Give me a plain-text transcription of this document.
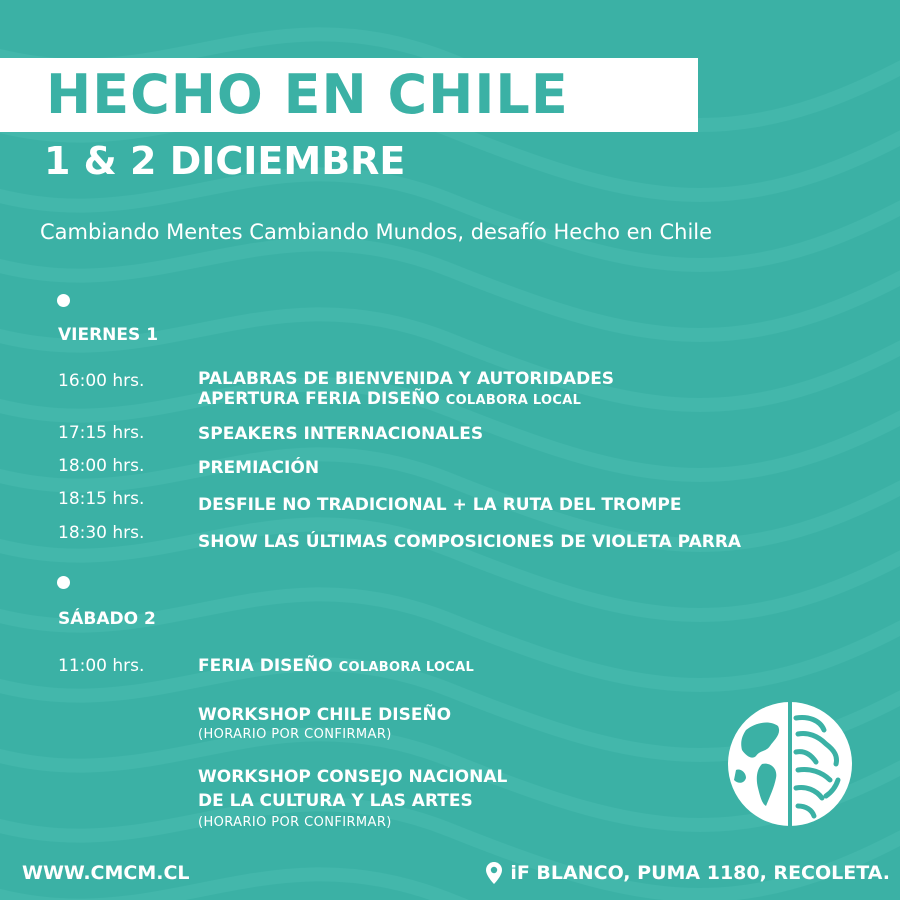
HECHO EN CHILE
1 & 2 DICIEMBRE
Cambiando Mentes Cambiando Mundos, desafío Hecho en Chile
VIERNES 1
16:00 hrs.	PALABRAS DE BIENVENIDA Y AUTORIDADES
APERTURA FERIA DISEÑO COLABORA LOCAL
17:15 hrs.	SPEAKERS INTERNACIONALES
18:00 hrs.	PREMIACIÓN
18:15 hrs.	DESFILE NO TRADICIONAL + LA RUTA DEL TROMPE
18:30 hrs.	SHOW LAS ÚLTIMAS COMPOSICIONES DE VIOLETA PARRA
SÁBADO 2
11:00 hrs.	FERIA DISEÑO COLABORA LOCAL
WORKSHOP CHILE DISEÑO
(HORARIO POR CONFIRMAR)
WORKSHOP CONSEJO NACIONAL
DE LA CULTURA Y LAS ARTES
(HORARIO POR CONFIRMAR)
WWW.CMCM.CL	iF BLANCO, PUMA 1180, RECOLETA.
